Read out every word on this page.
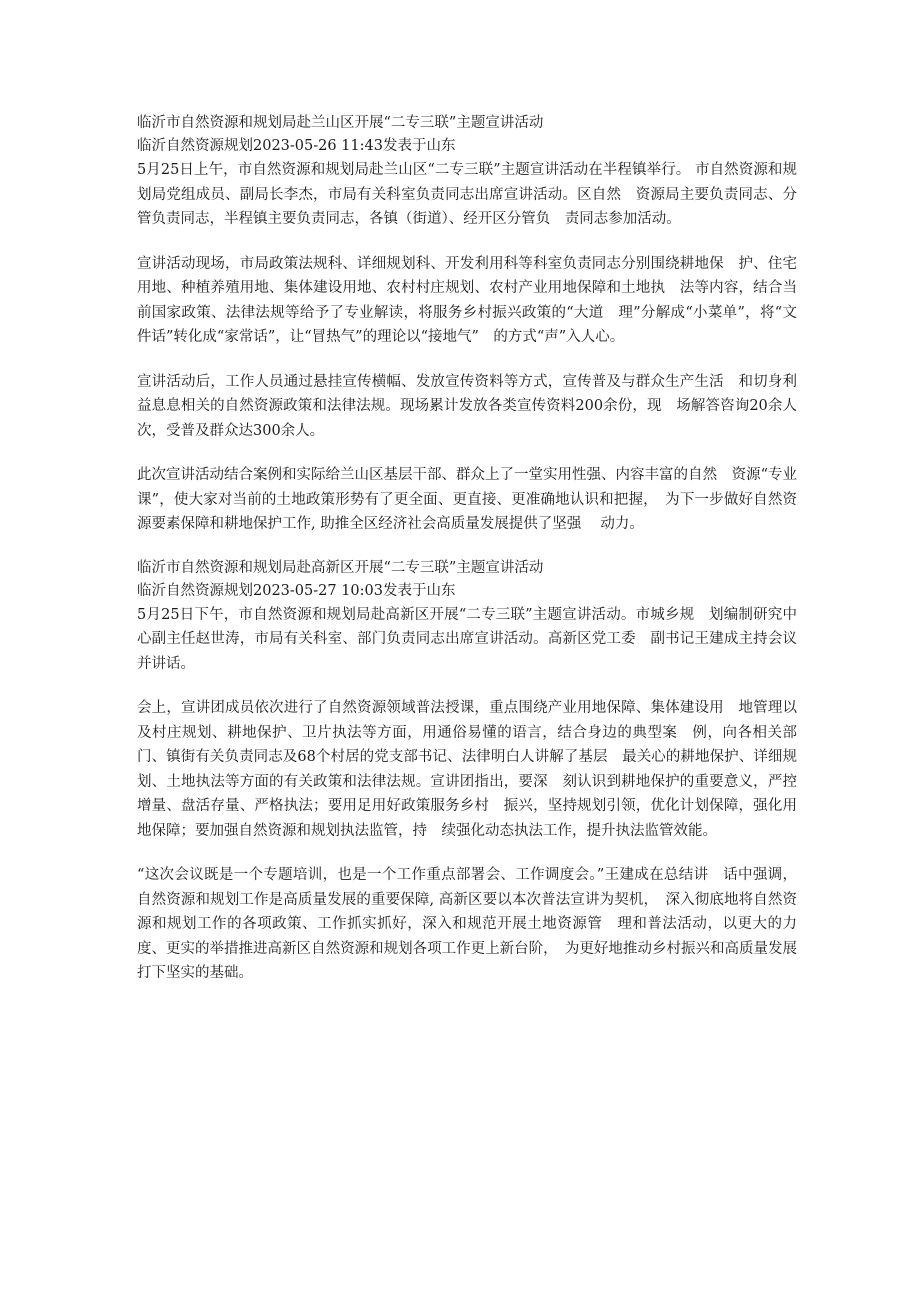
临沂市自然资源和规划局赴兰山区开展“二专三联”主题宣讲活动

临沂自然资源规划2023-05-26 11:43发表于山东

5月25日上午，市自然资源和规划局赴兰山区“二专三联”主题宣讲活动在半程镇举行。 市自然资源和规划局党组成员、副局长李杰，市局有关科室负责同志出席宣讲活动。区自然　资源局主要负责同志、分管负责同志，半程镇主要负责同志，各镇（街道）、经开区分管负　责同志参加活动。

宣讲活动现场，市局政策法规科、详细规划科、开发利用科等科室负责同志分别围绕耕地保　护、住宅用地、种植养殖用地、集体建设用地、农村村庄规划、农村产业用地保障和土地执　法等内容，结合当前国家政策、法律法规等给予了专业解读，将服务乡村振兴政策的“大道　理”分解成“小菜单”，将“文件话”转化成“家常话”，让“冒热气”的理论以“接地气”　的方式“声”入人心。

宣讲活动后，工作人员通过悬挂宣传横幅、发放宣传资料等方式，宣传普及与群众生产生活　和切身利益息息相关的自然资源政策和法律法规。现场累计发放各类宣传资料200余份，现　场解答咨询20余人次，受普及群众达300余人。

此次宣讲活动结合案例和实际给兰山区基层干部、群众上了一堂实用性强、内容丰富的自然　资源“专业课”，使大家对当前的土地政策形势有了更全面、更直接、更准确地认识和把握，　为下一步做好自然资源要素保障和耕地保护工作, 助推全区经济社会高质量发展提供了坚强　 动力。

临沂市自然资源和规划局赴高新区开展“二专三联”主题宣讲活动

临沂自然资源规划2023-05-27 10:03发表于山东

5月25日下午，市自然资源和规划局赴高新区开展“二专三联”主题宣讲活动。市城乡规　划编制研究中心副主任赵世涛，市局有关科室、部门负责同志出席宣讲活动。高新区党工委　副书记王建成主持会议并讲话。

会上，宣讲团成员依次进行了自然资源领域普法授课，重点围绕产业用地保障、集体建设用　地管理以及村庄规划、耕地保护、卫片执法等方面，用通俗易懂的语言，结合身边的典型案　例，向各相关部门、镇街有关负责同志及68个村居的党支部书记、法律明白人讲解了基层　最关心的耕地保护、详细规划、土地执法等方面的有关政策和法律法规。宣讲团指出，要深　刻认识到耕地保护的重要意义，严控增量、盘活存量、严格执法；要用足用好政策服务乡村　振兴，坚持规划引领，优化计划保障，强化用地保障；要加强自然资源和规划执法监管，持　续强化动态执法工作，提升执法监管效能。

“这次会议既是一个专题培训，也是一个工作重点部署会、工作调度会。”王建成在总结讲　话中强调，自然资源和规划工作是高质量发展的重要保障, 高新区要以本次普法宣讲为契机，　深入彻底地将自然资源和规划工作的各项政策、工作抓实抓好，深入和规范开展土地资源管　理和普法活动，以更大的力度、更实的举措推进高新区自然资源和规划各项工作更上新台阶，　为更好地推动乡村振兴和高质量发展打下坚实的基础。
